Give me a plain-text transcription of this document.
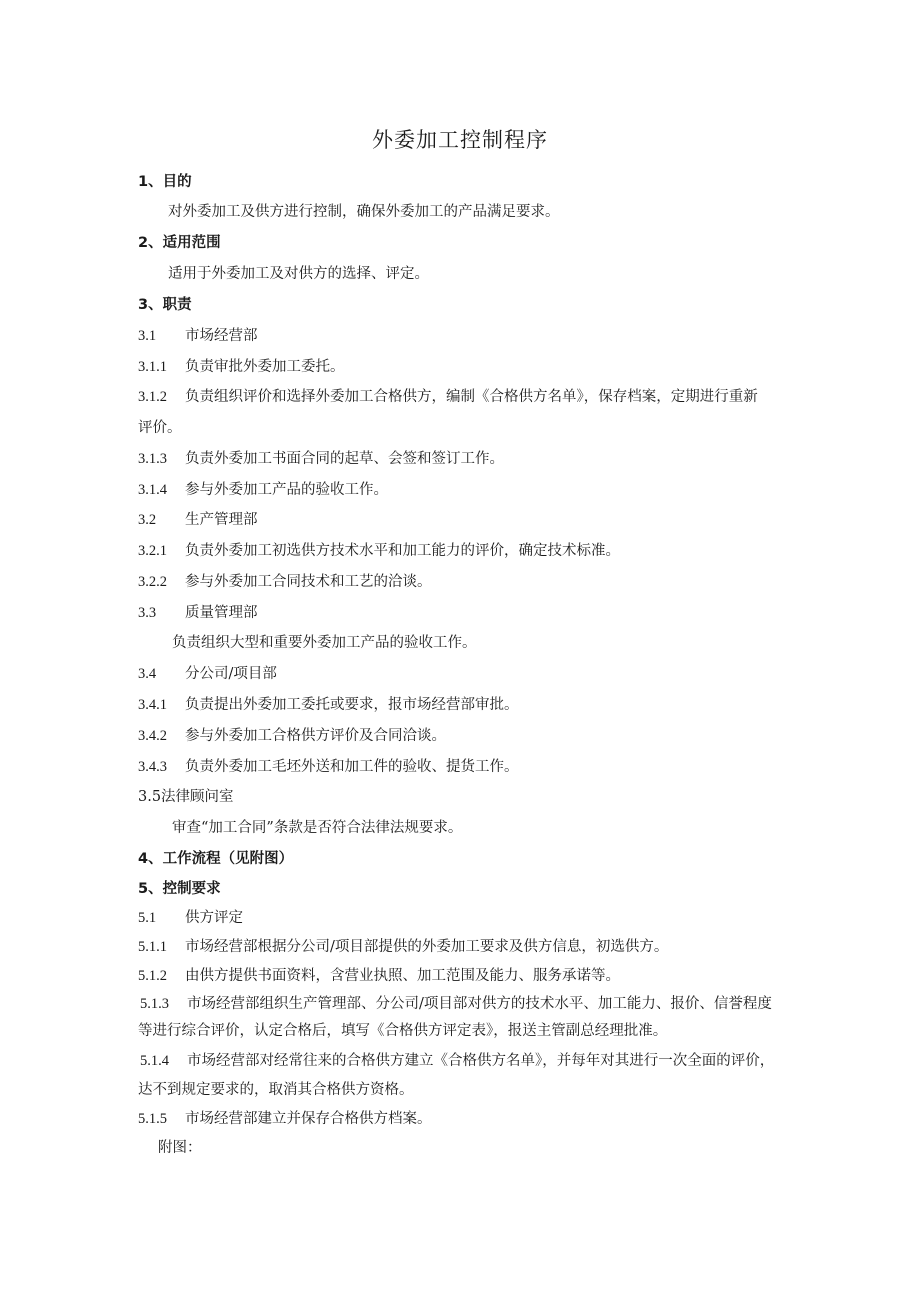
外委加工控制程序
1、目的
对外委加工及供方进行控制，确保外委加工的产品满足要求。
2、适用范围
适用于外委加工及对供方的选择、评定。
3、职责
3.1 市场经营部
3.1.1 负责审批外委加工委托。
3.1.2 负责组织评价和选择外委加工合格供方，编制《合格供方名单》，保存档案，定期进行重新
评价。
3.1.3 负责外委加工书面合同的起草、会签和签订工作。
3.1.4 参与外委加工产品的验收工作。
3.2 生产管理部
3.2.1 负责外委加工初选供方技术水平和加工能力的评价，确定技术标准。
3.2.2 参与外委加工合同技术和工艺的洽谈。
3.3 质量管理部
负责组织大型和重要外委加工产品的验收工作。
3.4 分公司/项目部
3.4.1 负责提出外委加工委托或要求，报市场经营部审批。
3.4.2 参与外委加工合格供方评价及合同洽谈。
3.4.3 负责外委加工毛坯外送和加工件的验收、提货工作。
3.5法律顾问室
审查“加工合同”条款是否符合法律法规要求。
4、工作流程（见附图）
5、控制要求
5.1 供方评定
5.1.1 市场经营部根据分公司/项目部提供的外委加工要求及供方信息，初选供方。
5.1.2 由供方提供书面资料，含营业执照、加工范围及能力、服务承诺等。
5.1.3 市场经营部组织生产管理部、分公司/项目部对供方的技术水平、加工能力、报价、信誉程度
等进行综合评价，认定合格后，填写《合格供方评定表》，报送主管副总经理批准。
5.1.4 市场经营部对经常往来的合格供方建立《合格供方名单》，并每年对其进行一次全面的评价，
达不到规定要求的，取消其合格供方资格。
5.1.5 市场经营部建立并保存合格供方档案。
附图：
